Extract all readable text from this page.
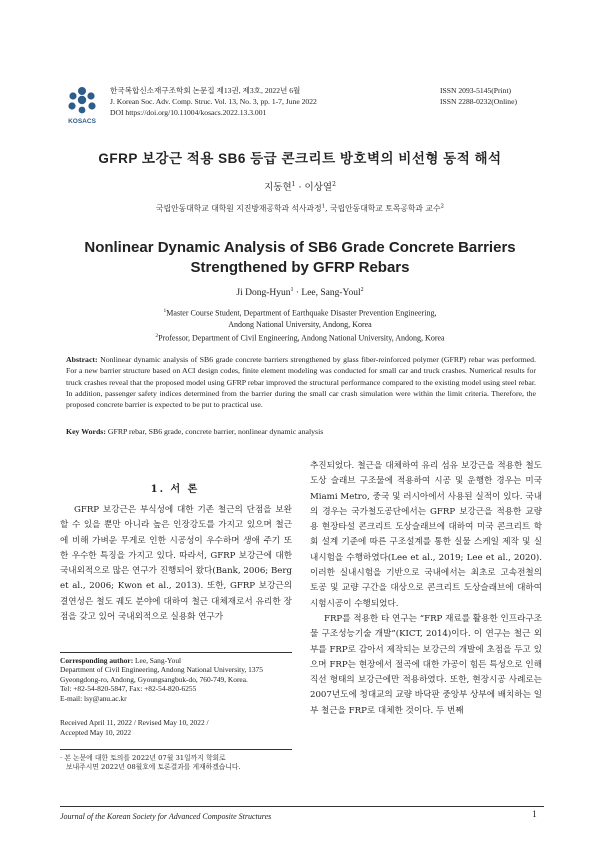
KOSACS
한국복합신소재구조학회 논문집 제13권, 제3호, 2022년 6월
J. Korean Soc. Adv. Comp. Struc. Vol. 13, No. 3, pp. 1-7, June 2022
DOI https://doi.org/10.11004/kosacs.2022.13.3.001
ISSN 2093-5145(Print)
ISSN 2288-0232(Online)
GFRP 보강근 적용 SB6 등급 콘크리트 방호벽의 비선형 동적 해석
지동현$^1$ · 이상열$^2$
국립안동대학교 대학원 지진방재공학과 석사과정$^1$, 국립안동대학교 토목공학과 교수$^2$
Nonlinear Dynamic Analysis of SB6 Grade Concrete Barriers
Strengthened by GFRP Rebars
Ji Dong-Hyun$^1$ · Lee, Sang-Youl$^2$
$^1$Master Course Student, Department of Earthquake Disaster Prevention Engineering,
Andong National University, Andong, Korea
$^2$Professor, Department of Civil Engineering, Andong National University, Andong, Korea
Abstract: Nonlinear dynamic analysis of SB6 grade concrete barriers strengthened by glass fiber-reinforced polymer (GFRP) rebar was performed. For a new barrier structure based on ACI design codes, finite element modeling was conducted for small car and truck crashes. Numerical results for truck crashes reveal that the proposed model using GFRP rebar improved the structural performance compared to the existing model using steel rebar. In addition, passenger safety indices determined from the barrier during the small car crash simulation were within the limit criteria. Therefore, the proposed concrete barrier is expected to be put to practical use.
Key Words: GFRP rebar, SB6 grade, concrete barrier, nonlinear dynamic analysis
1. 서 론

GFRP 보강근은 부식성에 대한 기존 철근의 단점을 보완할 수 있을 뿐만 아니라 높은 인장강도를 가지고 있으며 철근에 비해 가벼운 무게로 인한 시공성이 우수하며 생애 주기 또한 우수한 특징을 가지고 있다. 따라서, GFRP 보강근에 대한 국내외적으로 많은 연구가 진행되어 왔다(Bank, 2006; Berg et al., 2006; Kwon et al., 2013). 또한, GFRP 보강근의 결연성은 철도 궤도 분야에 대하여 철근 대체재로서 유리한 장점을 갖고 있어 국내외적으로 실용화 연구가

추진되었다. 철근을 대체하여 유리 섬유 보강근을 적용한 철도 도상 슬래브 구조물에 적용하여 시공 및 운행한 경우는 미국 Miami Metro, 중국 및 러시아에서 사용된 실적이 있다. 국내의 경우는 국가철도공단에서는 GFRP 보강근을 적용한 교량용 현장타설 콘크리트 도상슬래브에 대하여 미국 콘크리트 학회 설계 기준에 따른 구조설계를 통한 실물 스케일 제작 및 실내시험을 수행하였다(Lee et al., 2019; Lee et al., 2020). 이러한 실내시험을 기반으로 국내에서는 최초로 고속전철의 토공 및 교량 구간을 대상으로 콘크리트 도상슬래브에 대하여 시험시공이 수행되었다.

FRP를 적용한 타 연구는 “FRP 재료를 활용한 인프라구조물 구조성능기술 개발”(KICT, 2014)이다. 이 연구는 철근 외부를 FRP로 감아서 제작되는 보강근의 개발에 초점을 두고 있으며 FRP는 현장에서 절곡에 대한 가공이 힘든 특성으로 인해 직선 형태의 보강근에만 적용하였다. 또한, 현장시공 사례로는 2007년도에 청대교의 교량 바닥판 중앙부 상부에 배치하는 일부 철근을 FRP로 대체한 것이다. 두 번째

Corresponding author: Lee, Sang-Youl
Department of Civil Engineering, Andong National University, 1375 Gyeongdong-ro, Andong, Gyoungsangbuk-do, 760-749, Korea.
Tel: +82-54-820-5847, Fax: +82-54-820-6255
E-mail: lsy@anu.ac.kr
Received April 11, 2022 / Revised May 10, 2022 /
Accepted May 10, 2022
· 본 논문에 대한 토의를 2022년 07월 31일까지 학회로
보내주시면 2022년 08월호에 토론결과를 게재하겠습니다.
Journal of the Korean Society for Advanced Composite Structures	1
